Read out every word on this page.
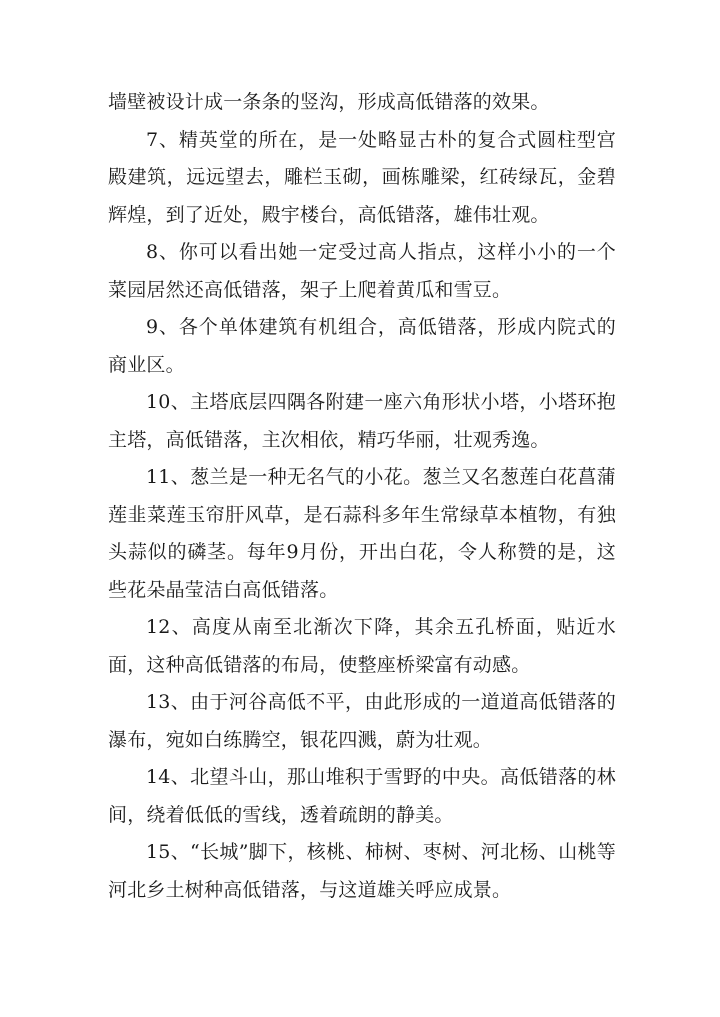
墙壁被设计成一条条的竖沟，形成高低错落的效果。

7、精英堂的所在，是一处略显古朴的复合式圆柱型宫殿建筑，远远望去，雕栏玉砌，画栋雕梁，红砖绿瓦，金碧辉煌，到了近处，殿宇楼台，高低错落，雄伟壮观。

8、你可以看出她一定受过高人指点，这样小小的一个菜园居然还高低错落，架子上爬着黄瓜和雪豆。

9、各个单体建筑有机组合，高低错落，形成内院式的商业区。

10、主塔底层四隅各附建一座六角形状小塔，小塔环抱主塔，高低错落，主次相依，精巧华丽，壮观秀逸。

11、葱兰是一种无名气的小花。葱兰又名葱莲白花菖蒲莲韭菜莲玉帘肝风草，是石蒜科多年生常绿草本植物，有独头蒜似的磷茎。每年9月份，开出白花，令人称赞的是，这些花朵晶莹洁白高低错落。

12、高度从南至北渐次下降，其余五孔桥面，贴近水面，这种高低错落的布局，使整座桥梁富有动感。

13、由于河谷高低不平，由此形成的一道道高低错落的瀑布，宛如白练腾空，银花四溅，蔚为壮观。

14、北望斗山，那山堆积于雪野的中央。高低错落的林间，绕着低低的雪线，透着疏朗的静美。

15、“长城”脚下，核桃、柿树、枣树、河北杨、山桃等河北乡土树种高低错落，与这道雄关呼应成景。
